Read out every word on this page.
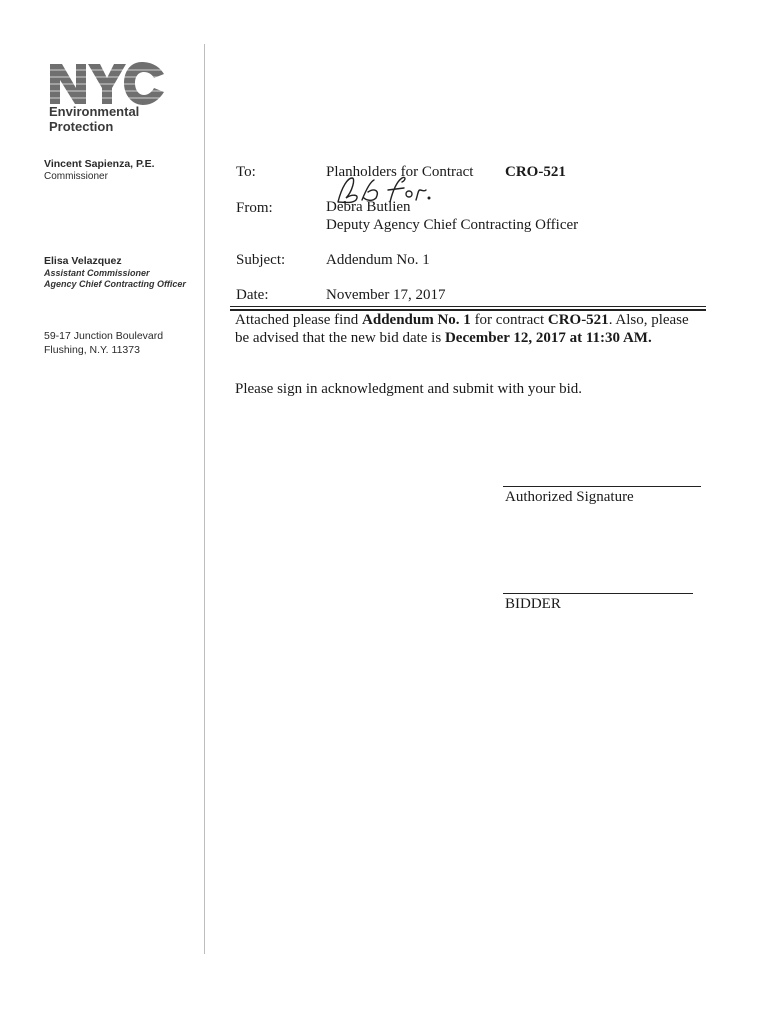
Environmental
Protection
Vincent Sapienza, P.E.
Commissioner
Elisa Velazquez
Assistant Commissioner
Agency Chief Contracting Officer
59-17 Junction Boulevard
Flushing, N.Y. 11373
To:	Planholders for Contract CRO-521
From:	Debra Butlien
Deputy Agency Chief Contracting Officer
Subject:	Addendum No. 1
Date:	November 17, 2017
Attached please find Addendum No. 1 for contract CRO-521. Also, please
be advised that the new bid date is December 12, 2017 at 11:30 AM.
Please sign in acknowledgment and submit with your bid.
Authorized Signature
BIDDER
